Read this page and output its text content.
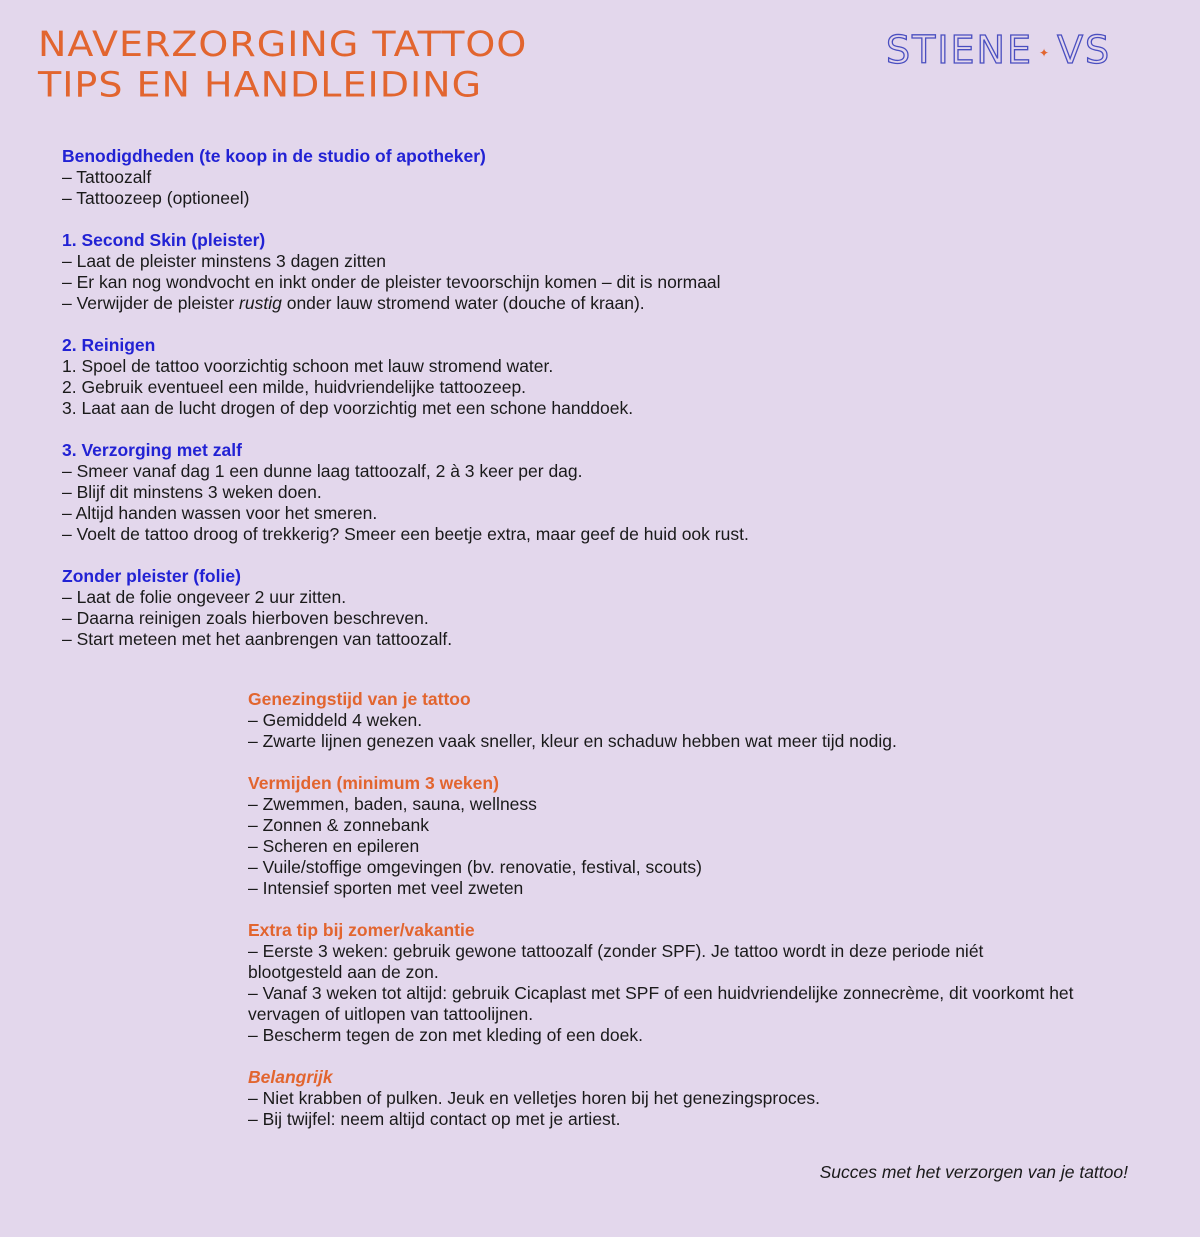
NAVERZORGING TATTOO
TIPS EN HANDLEIDING
STIENE ✦ VS
Benodigdheden (te koop in de studio of apotheker)
– Tattoozalf
– Tattoozeep (optioneel)
1. Second Skin (pleister)
– Laat de pleister minstens 3 dagen zitten
– Er kan nog wondvocht en inkt onder de pleister tevoorschijn komen – dit is normaal
– Verwijder de pleister rustig onder lauw stromend water (douche of kraan).
2. Reinigen
1. Spoel de tattoo voorzichtig schoon met lauw stromend water.
2. Gebruik eventueel een milde, huidvriendelijke tattoozeep.
3. Laat aan de lucht drogen of dep voorzichtig met een schone handdoek.
3. Verzorging met zalf
– Smeer vanaf dag 1 een dunne laag tattoozalf, 2 à 3 keer per dag.
– Blijf dit minstens 3 weken doen.
– Altijd handen wassen voor het smeren.
– Voelt de tattoo droog of trekkerig? Smeer een beetje extra, maar geef de huid ook rust.
Zonder pleister (folie)
– Laat de folie ongeveer 2 uur zitten.
– Daarna reinigen zoals hierboven beschreven.
– Start meteen met het aanbrengen van tattoozalf.
Genezingstijd van je tattoo
– Gemiddeld 4 weken.
– Zwarte lijnen genezen vaak sneller, kleur en schaduw hebben wat meer tijd nodig.
Vermijden (minimum 3 weken)
– Zwemmen, baden, sauna, wellness
– Zonnen & zonnebank
– Scheren en epileren
– Vuile/stoffige omgevingen (bv. renovatie, festival, scouts)
– Intensief sporten met veel zweten
Extra tip bij zomer/vakantie
– Eerste 3 weken: gebruik gewone tattoozalf (zonder SPF). Je tattoo wordt in deze periode niét blootgesteld aan de zon.
– Vanaf 3 weken tot altijd: gebruik Cicaplast met SPF of een huidvriendelijke zonnecrème, dit voorkomt het vervagen of uitlopen van tattoolijnen.
– Bescherm tegen de zon met kleding of een doek.
Belangrijk
– Niet krabben of pulken. Jeuk en velletjes horen bij het genezingsproces.
– Bij twijfel: neem altijd contact op met je artiest.
Succes met het verzorgen van je tattoo!
